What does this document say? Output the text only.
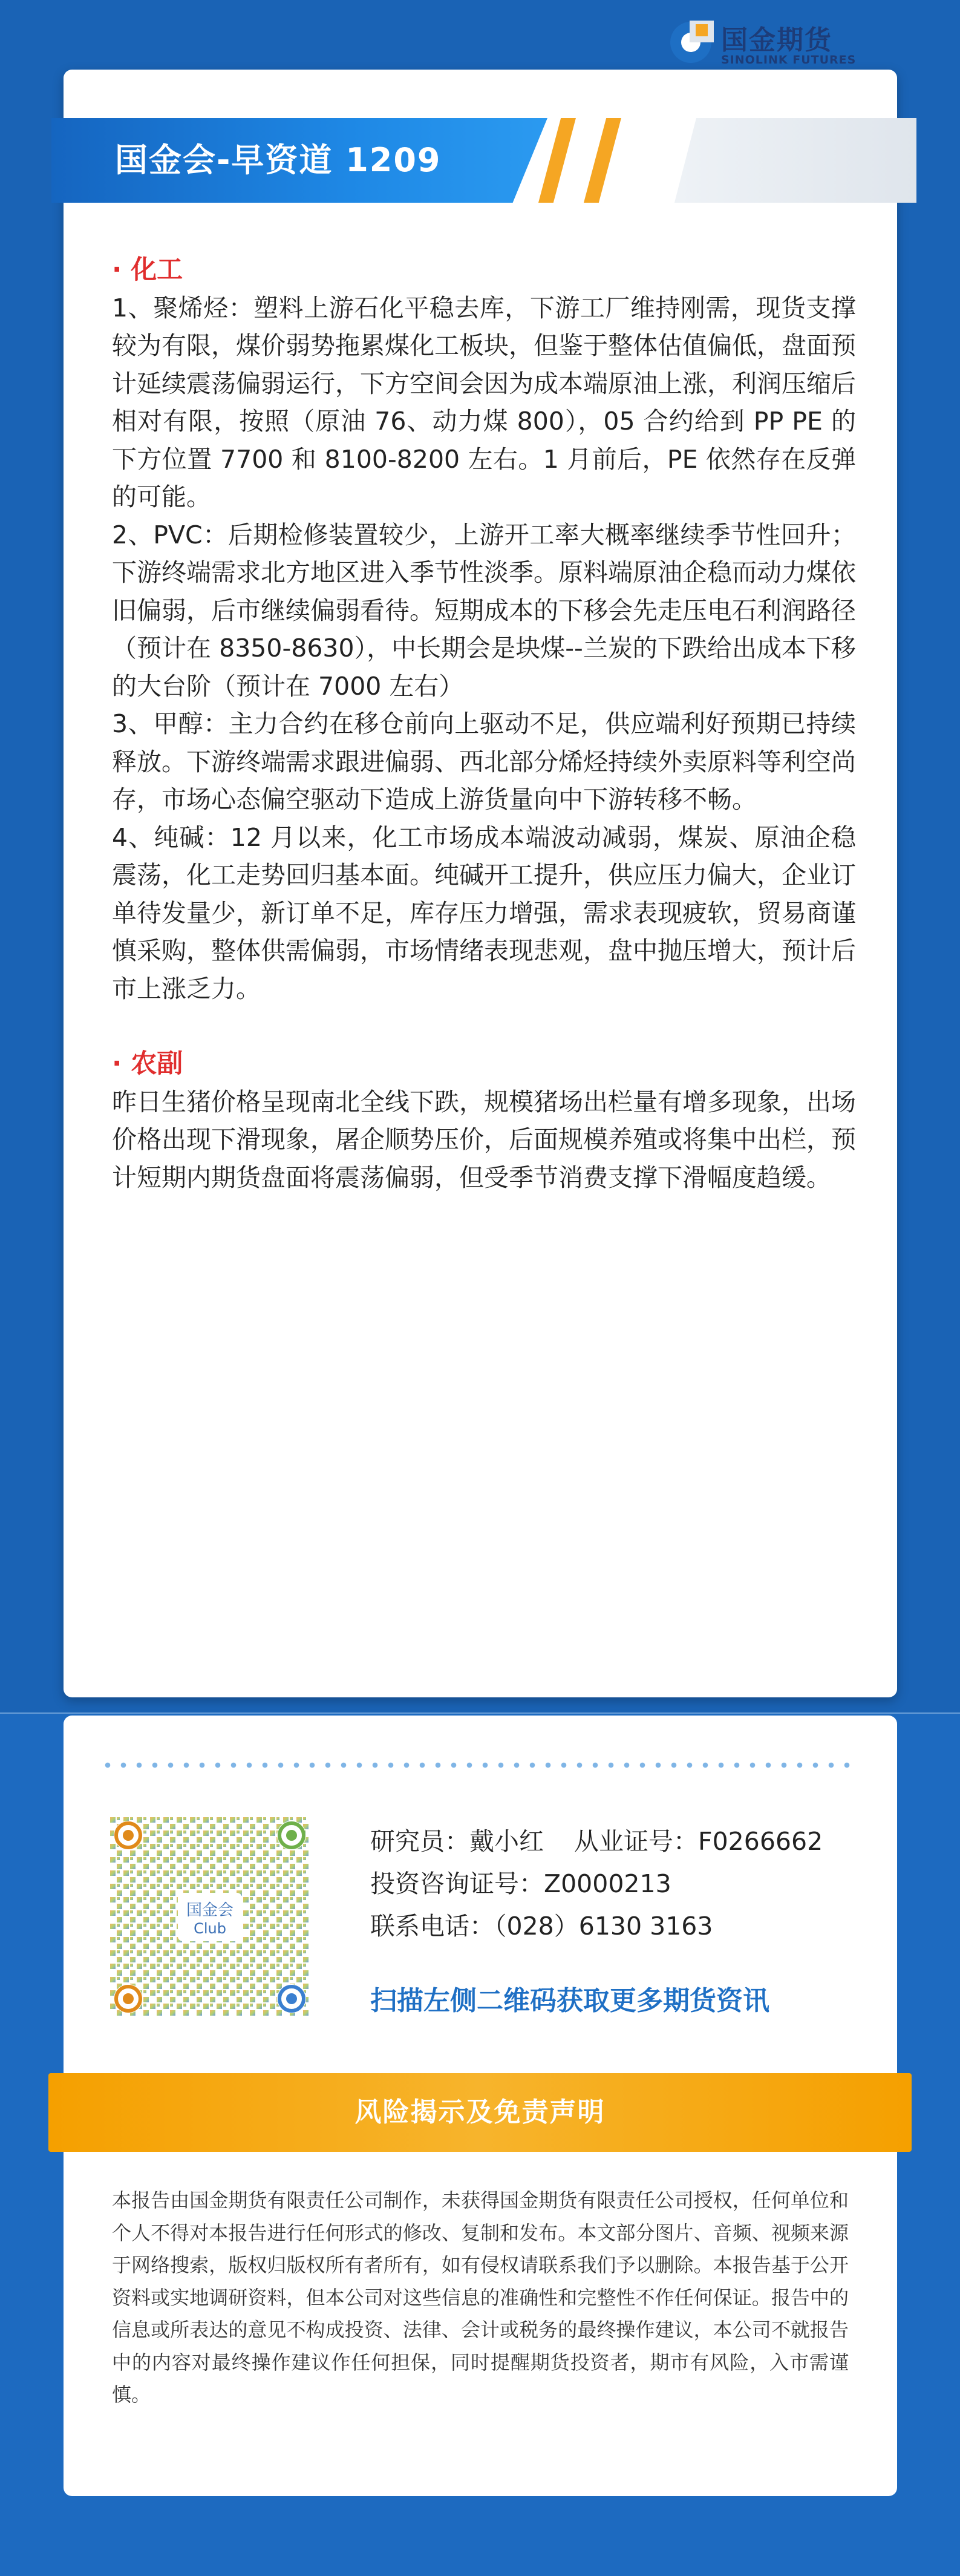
国金会-早资道 1209
国金期货
SINOLINK FUTURES
· 化工

1、聚烯烃：塑料上游石化平稳去库，下游工厂维持刚需，现货支撑较为有限，煤价弱势拖累煤化工板块，但鉴于整体估值偏低，盘面预计延续震荡偏弱运行，下方空间会因为成本端原油上涨，利润压缩后相对有限，按照（原油 76、动力煤 800），05 合约给到 PP PE 的下方位置 7700 和 8100-8200 左右。1 月前后，PE 依然存在反弹的可能。

2、PVC：后期检修装置较少，上游开工率大概率继续季节性回升；下游终端需求北方地区进入季节性淡季。原料端原油企稳而动力煤依旧偏弱，后市继续偏弱看待。短期成本的下移会先走压电石利润路径（预计在 8350-8630），中长期会是块煤--兰炭的下跌给出成本下移的大台阶（预计在 7000 左右）

3、甲醇：主力合约在移仓前向上驱动不足，供应端利好预期已持续释放。下游终端需求跟进偏弱、西北部分烯烃持续外卖原料等利空尚存，市场心态偏空驱动下造成上游货量向中下游转移不畅。

4、纯碱：12 月以来，化工市场成本端波动减弱，煤炭、原油企稳震荡，化工走势回归基本面。纯碱开工提升，供应压力偏大，企业订单待发量少，新订单不足，库存压力增强，需求表现疲软，贸易商谨慎采购，整体供需偏弱，市场情绪表现悲观，盘中抛压增大，预计后市上涨乏力。

· 农副

昨日生猪价格呈现南北全线下跌，规模猪场出栏量有增多现象，出场价格出现下滑现象，屠企顺势压价，后面规模养殖或将集中出栏，预计短期内期货盘面将震荡偏弱，但受季节消费支撑下滑幅度趋缓。

国金会
Club
研究员：戴小红 从业证号：F0266662
投资咨询证号：Z0000213
联系电话：（028）6130 3163
扫描左侧二维码获取更多期货资讯
风险揭示及免责声明

本报告由国金期货有限责任公司制作，未获得国金期货有限责任公司授权，任何单位和个人不得对本报告进行任何形式的修改、复制和发布。本文部分图片、音频、视频来源于网络搜索，版权归版权所有者所有，如有侵权请联系我们予以删除。本报告基于公开资料或实地调研资料，但本公司对这些信息的准确性和完整性不作任何保证。报告中的信息或所表达的意见不构成投资、法律、会计或税务的最终操作建议，本公司不就报告中的内容对最终操作建议作任何担保，同时提醒期货投资者，期市有风险，入市需谨慎。
